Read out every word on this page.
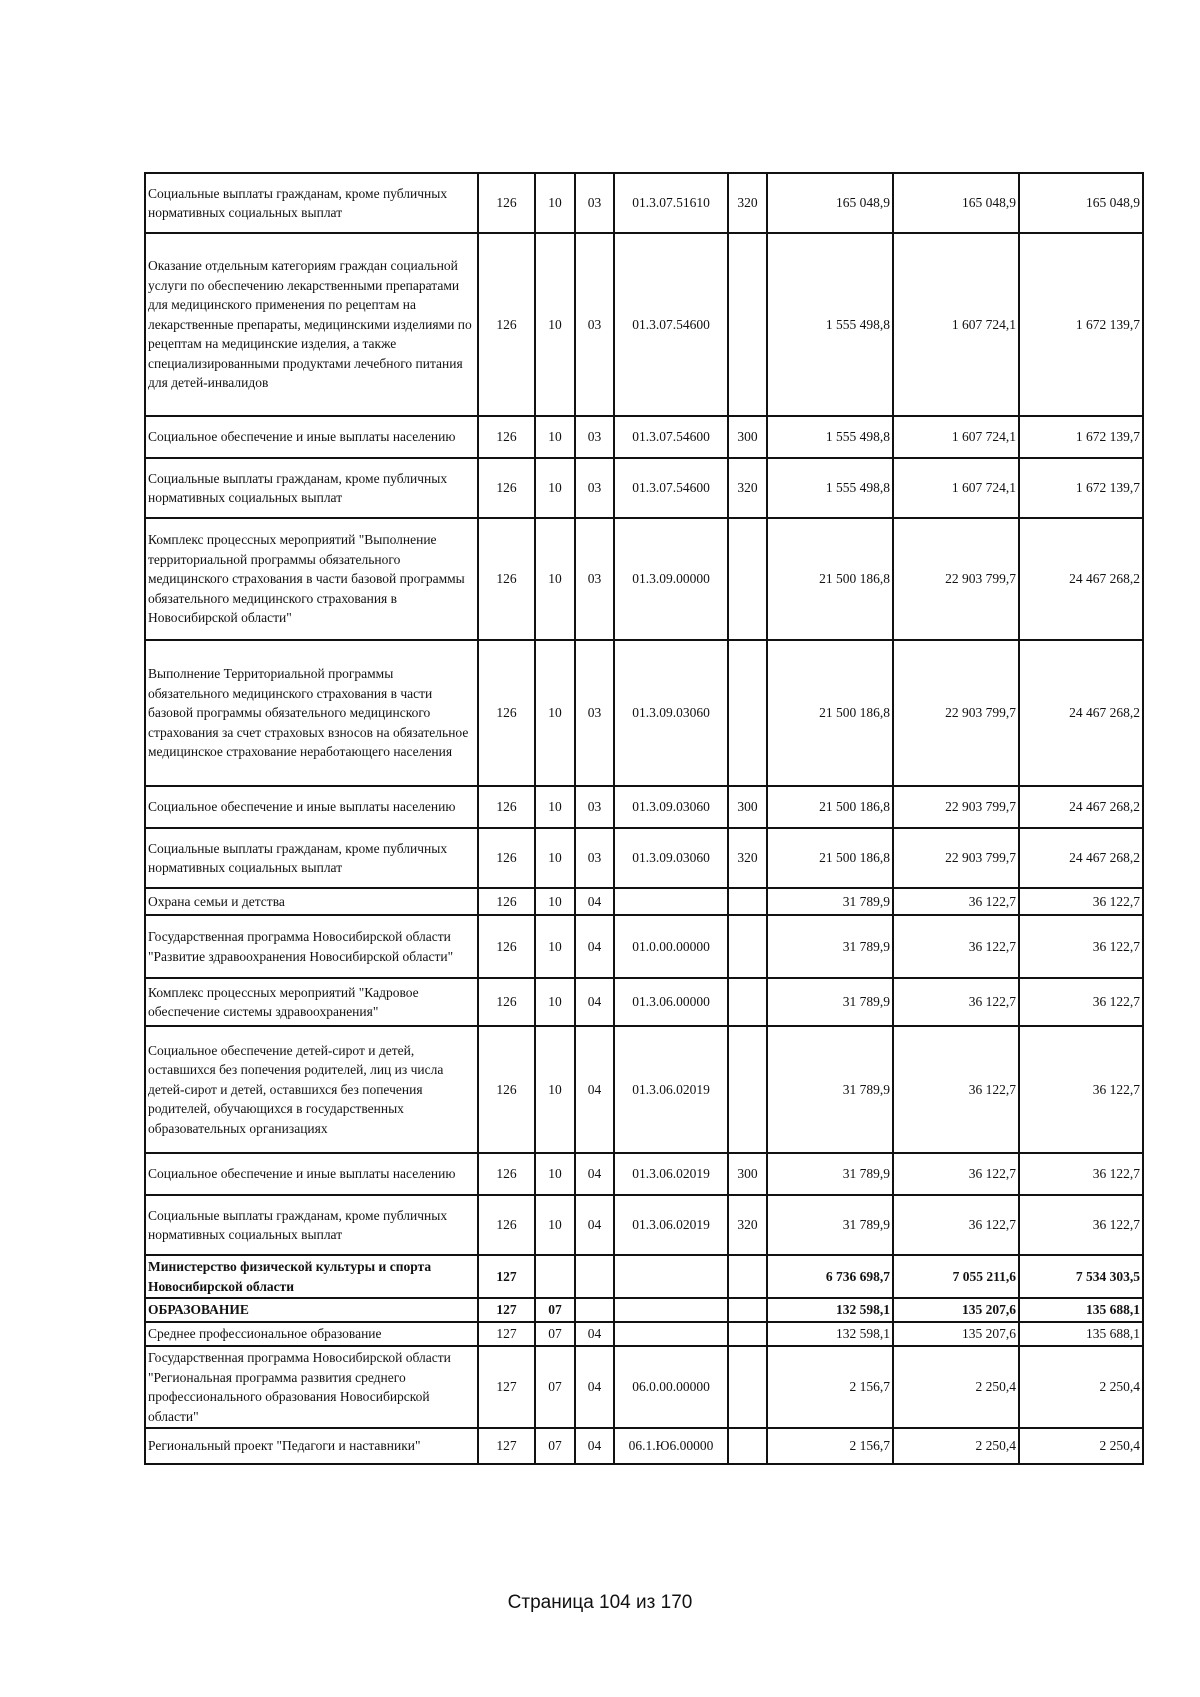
Социальные выплаты гражданам, кроме публичных нормативных социальных выплат	126	10	03	01.3.07.51610	320	165 048,9	165 048,9	165 048,9
Оказание отдельным категориям граждан социальной услуги по обеспечению лекарственными препаратами для медицинского применения по рецептам на лекарственные препараты, медицинскими изделиями по рецептам на медицинские изделия, а также специализированными продуктами лечебного питания для детей-инвалидов	126	10	03	01.3.07.54600		1 555 498,8	1 607 724,1	1 672 139,7
Социальное обеспечение и иные выплаты населению	126	10	03	01.3.07.54600	300	1 555 498,8	1 607 724,1	1 672 139,7
Социальные выплаты гражданам, кроме публичных нормативных социальных выплат	126	10	03	01.3.07.54600	320	1 555 498,8	1 607 724,1	1 672 139,7
Комплекс процессных мероприятий "Выполнение территориальной программы обязательного медицинского страхования в части базовой программы обязательного медицинского страхования в Новосибирской области"	126	10	03	01.3.09.00000		21 500 186,8	22 903 799,7	24 467 268,2
Выполнение Территориальной программы обязательного медицинского страхования в части базовой программы обязательного медицинского страхования за счет страховых взносов на обязательное медицинское страхование неработающего населения	126	10	03	01.3.09.03060		21 500 186,8	22 903 799,7	24 467 268,2
Социальное обеспечение и иные выплаты населению	126	10	03	01.3.09.03060	300	21 500 186,8	22 903 799,7	24 467 268,2
Социальные выплаты гражданам, кроме публичных нормативных социальных выплат	126	10	03	01.3.09.03060	320	21 500 186,8	22 903 799,7	24 467 268,2
Охрана семьи и детства	126	10	04			31 789,9	36 122,7	36 122,7
Государственная программа Новосибирской области "Развитие здравоохранения Новосибирской области"	126	10	04	01.0.00.00000		31 789,9	36 122,7	36 122,7
Комплекс процессных мероприятий "Кадровое обеспечение системы здравоохранения"	126	10	04	01.3.06.00000		31 789,9	36 122,7	36 122,7
Социальное обеспечение детей-сирот и детей, оставшихся без попечения родителей, лиц из числа детей-сирот и детей, оставшихся без попечения родителей, обучающихся в государственных образовательных организациях	126	10	04	01.3.06.02019		31 789,9	36 122,7	36 122,7
Социальное обеспечение и иные выплаты населению	126	10	04	01.3.06.02019	300	31 789,9	36 122,7	36 122,7
Социальные выплаты гражданам, кроме публичных нормативных социальных выплат	126	10	04	01.3.06.02019	320	31 789,9	36 122,7	36 122,7
Министерство физической культуры и спорта Новосибирской области	127					6 736 698,7	7 055 211,6	7 534 303,5
ОБРАЗОВАНИЕ	127	07				132 598,1	135 207,6	135 688,1
Среднее профессиональное образование	127	07	04			132 598,1	135 207,6	135 688,1
Государственная программа Новосибирской области "Региональная программа развития среднего профессионального образования Новосибирской области"	127	07	04	06.0.00.00000		2 156,7	2 250,4	2 250,4
Региональный проект "Педагоги и наставники"	127	07	04	06.1.Ю6.00000		2 156,7	2 250,4	2 250,4
Страница 104 из 170
